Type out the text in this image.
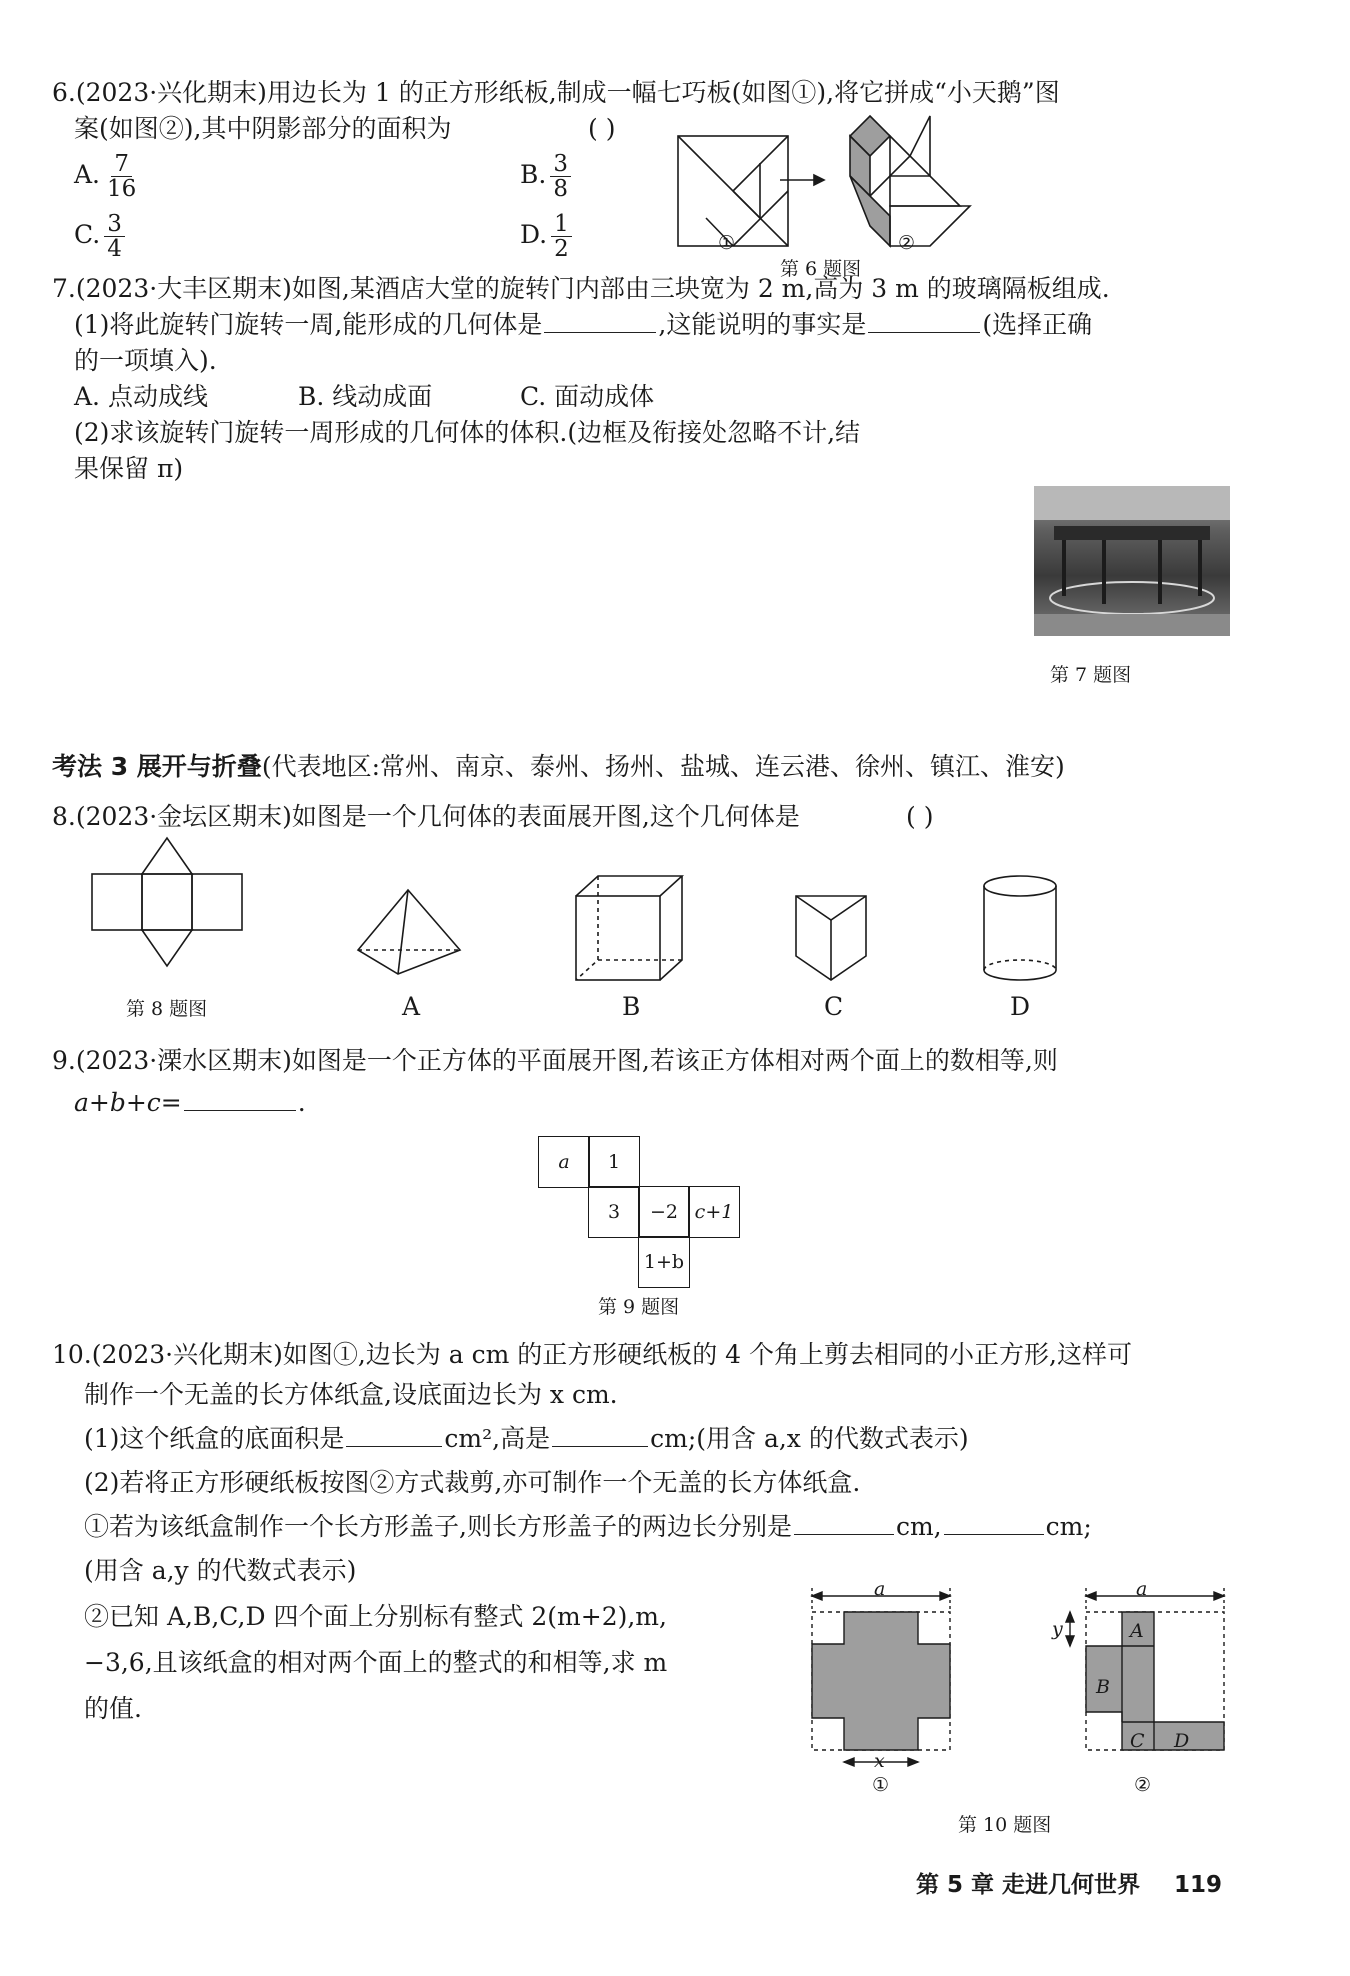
6.(2023·兴化期末)用边长为 1 的正方形纸板,制成一幅七巧板(如图①),将它拼成“小天鹅”图
案(如图②),其中阴影部分的面积为	( )
A. $\frac{7}{16}$	B. $\frac{3}{8}$
C. $\frac{3}{4}$	D. $\frac{1}{2}$	①	②
第 6 题图
7.(2023·大丰区期末)如图,某酒店大堂的旋转门内部由三块宽为 2 m,高为 3 m 的玻璃隔板组成.
(1)将此旋转门旋转一周,能形成的几何体是	,这能说明的事实是	(选择正确
的一项填入).
A. 点动成线	B. 线动成面	C. 面动成体
(2)求该旋转门旋转一周形成的几何体的体积.(边框及衔接处忽略不计,结
果保留 π)
第 7 题图
考法 3 展开与折叠(代表地区:常州、南京、泰州、扬州、盐城、连云港、徐州、镇江、淮安)
8.(2023·金坛区期末)如图是一个几何体的表面展开图,这个几何体是	( )
第 8 题图	A	B	C	D
9.(2023·溧水区期末)如图是一个正方体的平面展开图,若该正方体相对两个面上的数相等,则
a+b+c=	.
a	1
3	−2 c+1
1+b
第 9 题图
10.(2023·兴化期末)如图①,边长为 a cm 的正方形硬纸板的 4 个角上剪去相同的小正方形,这样可
制作一个无盖的长方体纸盒,设底面边长为 x cm.
(1)这个纸盒的底面积是	cm²,高是	cm;(用含 a,x 的代数式表示)
(2)若将正方形硬纸板按图②方式裁剪,亦可制作一个无盖的长方体纸盒.
①若为该纸盒制作一个长方形盖子,则长方形盖子的两边长分别是	cm,	cm;
(用含 a,y 的代数式表示)
②已知 A,B,C,D 四个面上分别标有整式 2(m+2),m,
−3,6,且该纸盒的相对两个面上的整式的和相等,求 m
的值.
a
x
①
a
y	A
B
C D
②
第 10 题图
第 5 章 走进几何世界 119
